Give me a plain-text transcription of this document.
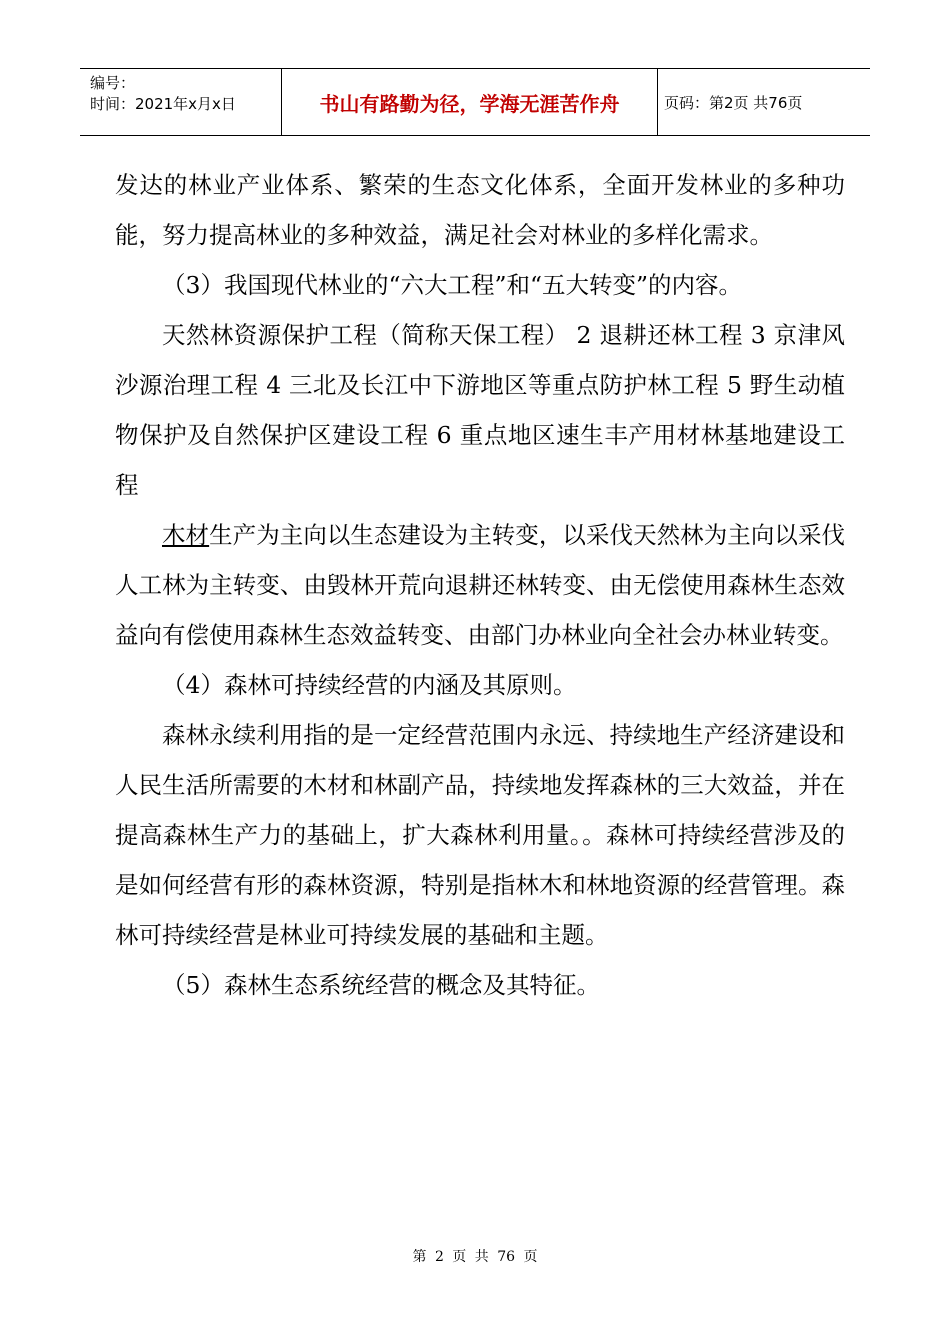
编号：
时间：2021年x月x日	书山有路勤为径，学海无涯苦作舟	页码：第2页 共76页

发达的林业产业体系、繁荣的生态文化体系，全面开发林业的多种功能，努力提高林业的多种效益，满足社会对林业的多样化需求。

（3）我国现代林业的“六大工程”和“五大转变”的内容。

天然林资源保护工程（简称天保工程） 2 退耕还林工程 3 京津风沙源治理工程 4 三北及长江中下游地区等重点防护林工程 5 野生动植物保护及自然保护区建设工程 6 重点地区速生丰产用材林基地建设工程

木材生产为主向以生态建设为主转变，以采伐天然林为主向以采伐人工林为主转变、由毁林开荒向退耕还林转变、由无偿使用森林生态效益向有偿使用森林生态效益转变、由部门办林业向全社会办林业转变。

（4）森林可持续经营的内涵及其原则。

森林永续利用指的是一定经营范围内永远、持续地生产经济建设和人民生活所需要的木材和林副产品，持续地发挥森林的三大效益，并在提高森林生产力的基础上，扩大森林利用量。。森林可持续经营涉及的是如何经营有形的森林资源，特别是指林木和林地资源的经营管理。森林可持续经营是林业可持续发展的基础和主题。

（5）森林生态系统经营的概念及其特征。

第 2 页 共 76 页
